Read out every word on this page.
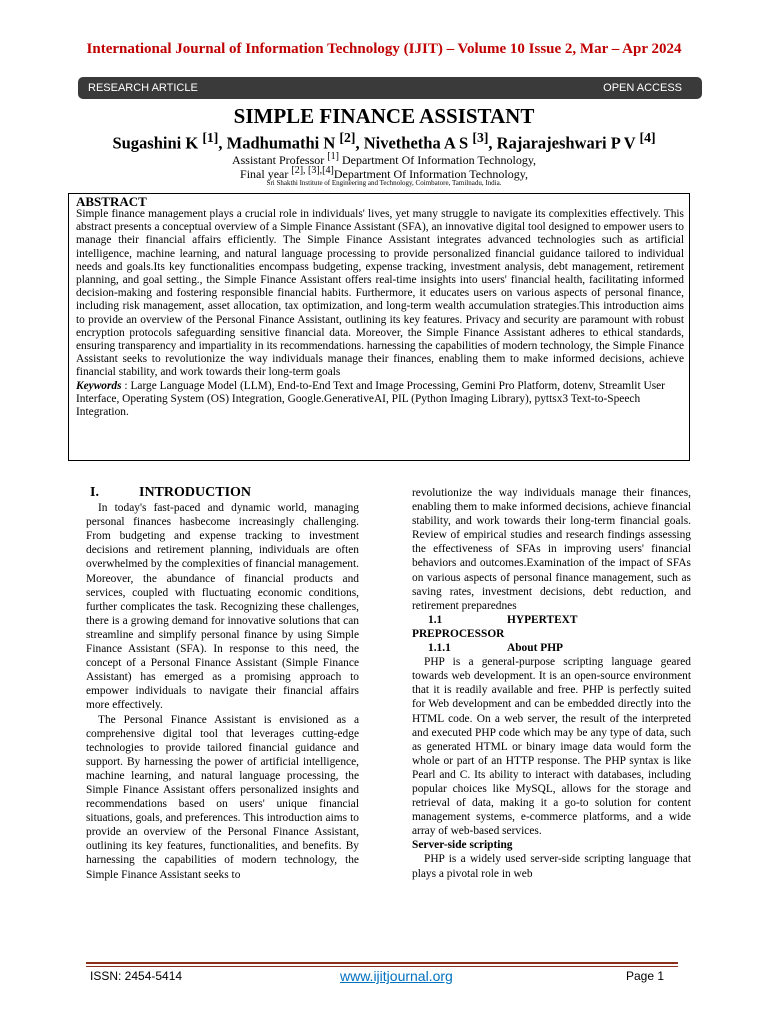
International Journal of Information Technology (IJIT) – Volume 10 Issue 2, Mar – Apr 2024
RESEARCH ARTICLE	OPEN ACCESS
SIMPLE FINANCE ASSISTANT
Sugashini K [1], Madhumathi N [2], Nivethetha A S [3], Rajarajeshwari P V [4]
Assistant Professor [1] Department Of Information Technology,
Final year [2], [3],[4]Department Of Information Technology,
Sri Shakthi Institute of Engineering and Technology, Coimbatore, Tamilnadu, India.
ABSTRACT
Simple finance management plays a crucial role in individuals' lives, yet many struggle to navigate its complexities effectively. This abstract presents a conceptual overview of a Simple Finance Assistant (SFA), an innovative digital tool designed to empower users to manage their financial affairs efficiently. The Simple Finance Assistant integrates advanced technologies such as artificial intelligence, machine learning, and natural language processing to provide personalized financial guidance tailored to individual needs and goals.Its key functionalities encompass budgeting, expense tracking, investment analysis, debt management, retirement planning, and goal setting., the Simple Finance Assistant offers real-time insights into users' financial health, facilitating informed decision-making and fostering responsible financial habits. Furthermore, it educates users on various aspects of personal finance, including risk management, asset allocation, tax optimization, and long-term wealth accumulation strategies.This introduction aims to provide an overview of the Personal Finance Assistant, outlining its key features. Privacy and security are paramount with robust encryption protocols safeguarding sensitive financial data. Moreover, the Simple Finance Assistant adheres to ethical standards, ensuring transparency and impartiality in its recommendations. harnessing the capabilities of modern technology, the Simple Finance Assistant seeks to revolutionize the way individuals manage their finances, enabling them to make informed decisions, achieve financial stability, and work towards their long-term goals
Keywords : Large Language Model (LLM), End-to-End Text and Image Processing, Gemini Pro Platform, dotenv, Streamlit User Interface, Operating System (OS) Integration, Google.GenerativeAI, PIL (Python Imaging Library), pyttsx3 Text-to-Speech Integration.
I.	INTRODUCTION

In today's fast-paced and dynamic world, managing personal finances hasbecome increasingly challenging. From budgeting and expense tracking to investment decisions and retirement planning, individuals are often overwhelmed by the complexities of financial management. Moreover, the abundance of financial products and services, coupled with fluctuating economic conditions, further complicates the task. Recognizing these challenges, there is a growing demand for innovative solutions that can streamline and simplify personal finance by using Simple Finance Assistant (SFA). In response to this need, the concept of a Personal Finance Assistant (Simple Finance Assistant) has emerged as a promising approach to empower individuals to navigate their financial affairs more effectively.

The Personal Finance Assistant is envisioned as a comprehensive digital tool that leverages cutting-edge technologies to provide tailored financial guidance and support. By harnessing the power of artificial intelligence, machine learning, and natural language processing, the Simple Finance Assistant offers personalized insights and recommendations based on users' unique financial situations, goals, and preferences. This introduction aims to provide an overview of the Personal Finance Assistant, outlining its key features, functionalities, and benefits. By harnessing the capabilities of modern technology, the Simple Finance Assistant seeks to

revolutionize the way individuals manage their finances, enabling them to make informed decisions, achieve financial stability, and work towards their long-term financial goals. Review of empirical studies and research findings assessing the effectiveness of SFAs in improving users' financial behaviors and outcomes.Examination of the impact of SFAs on various aspects of personal finance management, such as saving rates, investment decisions, debt reduction, and retirement preparednes

1.1	HYPERTEXT
PREPROCESSOR
1.1.1	About PHP

PHP is a general-purpose scripting language geared towards web development. It is an open-source environment that it is readily available and free. PHP is perfectly suited for Web development and can be embedded directly into the HTML code. On a web server, the result of the interpreted and executed PHP code which may be any type of data, such as generated HTML or binary image data would form the whole or part of an HTTP response. The PHP syntax is like Pearl and C. Its ability to interact with databases, including popular choices like MySQL, allows for the storage and retrieval of data, making it a go-to solution for content management systems, e-commerce platforms, and a wide array of web-based services.

Server-side scripting

PHP is a widely used server-side scripting language that plays a pivotal role in web

ISSN: 2454-5414	www.ijitjournal.org	Page 1
